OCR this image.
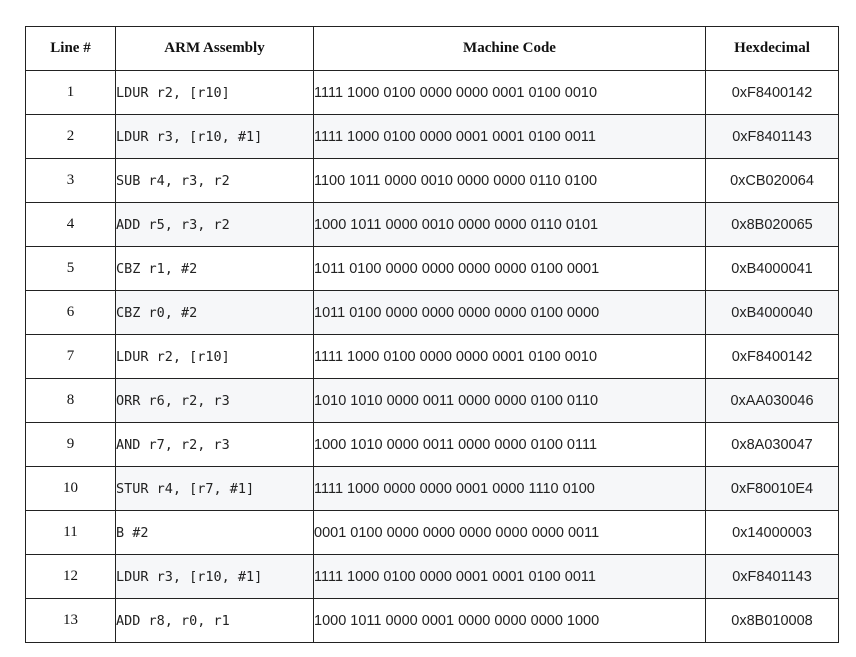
Line #	ARM Assembly	Machine Code	Hexdecimal
1	LDUR r2, [r10]	1111 1000 0100 0000 0000 0001 0100 0010	0xF8400142
2	LDUR r3, [r10, #1]	1111 1000 0100 0000 0001 0001 0100 0011	0xF8401143
3	SUB r4, r3, r2	1100 1011 0000 0010 0000 0000 0110 0100	0xCB020064
4	ADD r5, r3, r2	1000 1011 0000 0010 0000 0000 0110 0101	0x8B020065
5	CBZ r1, #2	1011 0100 0000 0000 0000 0000 0100 0001	0xB4000041
6	CBZ r0, #2	1011 0100 0000 0000 0000 0000 0100 0000	0xB4000040
7	LDUR r2, [r10]	1111 1000 0100 0000 0000 0001 0100 0010	0xF8400142
8	ORR r6, r2, r3	1010 1010 0000 0011 0000 0000 0100 0110	0xAA030046
9	AND r7, r2, r3	1000 1010 0000 0011 0000 0000 0100 0111	0x8A030047
10	STUR r4, [r7, #1]	1111 1000 0000 0000 0001 0000 1110 0100	0xF80010E4
11	B #2	0001 0100 0000 0000 0000 0000 0000 0011	0x14000003
12	LDUR r3, [r10, #1]	1111 1000 0100 0000 0001 0001 0100 0011	0xF8401143
13	ADD r8, r0, r1	1000 1011 0000 0001 0000 0000 0000 1000	0x8B010008
